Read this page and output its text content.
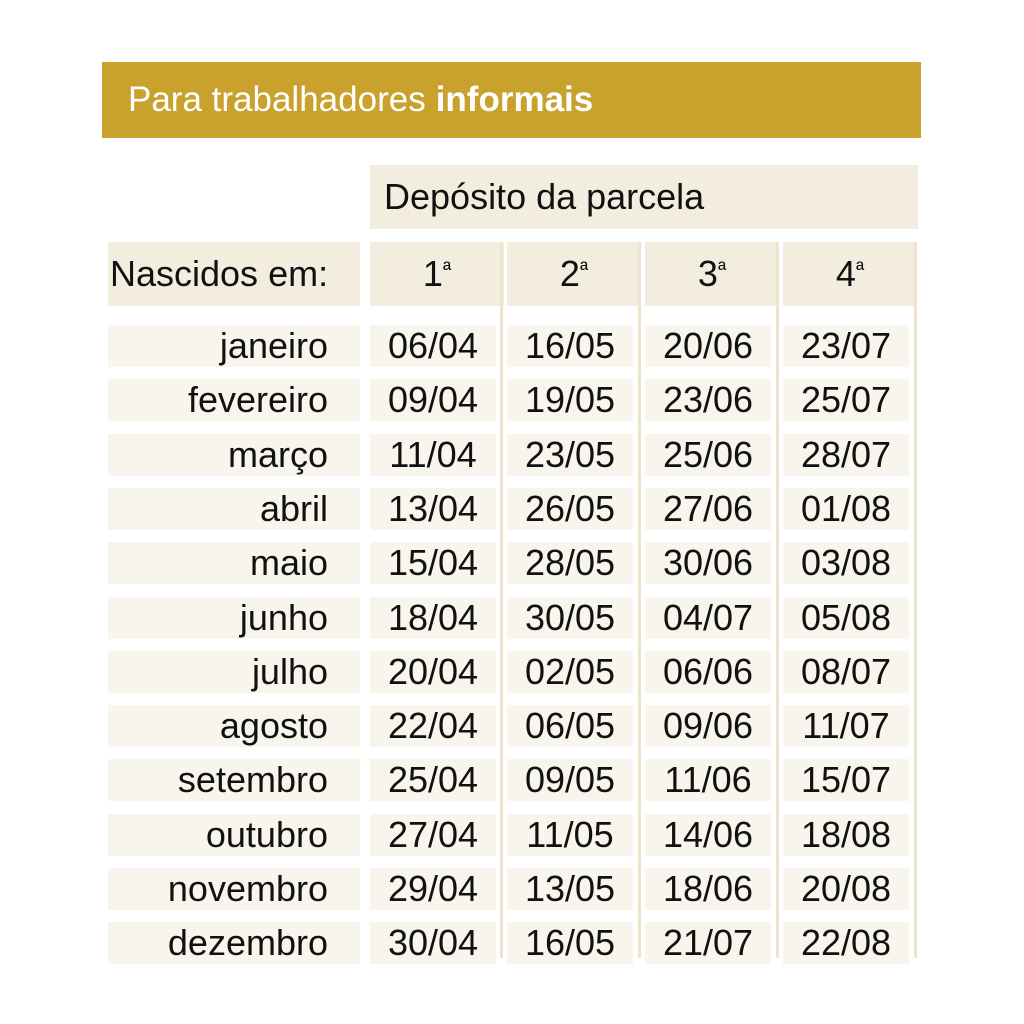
Para trabalhadores informais
Depósito da parcela
Nascidos em:	$1^ª$	$2^ª$	$3^ª$	$4^ª$
janeiro	06/04	16/05	20/06	23/07
fevereiro	09/04	19/05	23/06	25/07
março	11/04	23/05	25/06	28/07
abril	13/04	26/05	27/06	01/08
maio	15/04	28/05	30/06	03/08
junho	18/04	30/05	04/07	05/08
julho	20/04	02/05	06/06	08/07
agosto	22/04	06/05	09/06	11/07
setembro	25/04	09/05	11/06	15/07
outubro	27/04	11/05	14/06	18/08
novembro	29/04	13/05	18/06	20/08
dezembro	30/04	16/05	21/07	22/08
